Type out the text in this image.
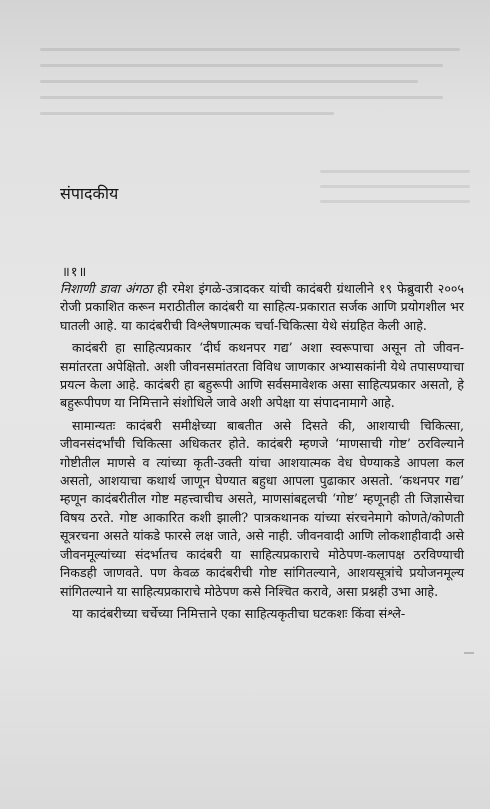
संपादकीय
॥१॥

निशाणी डावा अंगठा ही रमेश इंगळे-उत्रादकर यांची कादंबरी ग्रंथालीने १९ फेब्रुवारी २००५ रोजी प्रकाशित करून मराठीतील कादंबरी या साहित्य-प्रकारात सर्जक आणि प्रयोगशील भर घातली आहे. या कादंबरीची विश्लेषणात्मक चर्चा-चिकित्सा येथे संग्रहित केली आहे.

कादंबरी हा साहित्यप्रकार ‘दीर्घ कथनपर गद्य’ अशा स्वरूपाचा असून तो जीवन-समांतरता अपेक्षितो. अशी जीवनसमांतरता विविध जाणकार अभ्यासकांनी येथे तपासण्याचा प्रयत्न केला आहे. कादंबरी हा बहुरूपी आणि सर्वसमावेशक असा साहित्यप्रकार असतो, हे बहुरूपीपण या निमित्ताने संशोधिले जावे अशी अपेक्षा या संपादनामागे आहे.

सामान्यतः कादंबरी समीक्षेच्या बाबतीत असे दिसते की, आशयाची चिकित्सा, जीवनसंदर्भांची चिकित्सा अधिकतर होते. कादंबरी म्हणजे ‘माणसाची गोष्ट’ ठरविल्याने गोष्टीतील माणसे व त्यांच्या कृती-उक्ती यांचा आशयात्मक वेध घेण्याकडे आपला कल असतो, आशयाचा कथार्थ जाणून घेण्यात बहुधा आपला पुढाकार असतो. ‘कथनपर गद्य’ म्हणून कादंबरीतील गोष्ट महत्त्वाचीच असते, माणसांबद्दलची ‘गोष्ट’ म्हणूनही ती जिज्ञासेचा विषय ठरते. गोष्ट आकारित कशी झाली? पात्रकथानक यांच्या संरचनेमागे कोणते/कोणती सूत्ररचना असते यांकडे फारसे लक्ष जाते, असे नाही. जीवनवादी आणि लोकशाहीवादी असे जीवनमूल्यांच्या संदर्भातच कादंबरी या साहित्यप्रकाराचे मोठेपण-कलापक्ष ठरविण्याची निकडही जाणवते. पण केवळ कादंबरीची गोष्ट सांगितल्याने, आशयसूत्रांचे प्रयोजनमूल्य सांगितल्याने या साहित्यप्रकाराचे मोठेपण कसे निश्चित करावे, असा प्रश्नही उभा आहे.

या कादंबरीच्या चर्चेच्या निमित्ताने एका साहित्यकृतीचा घटकशः किंवा संश्ले-
